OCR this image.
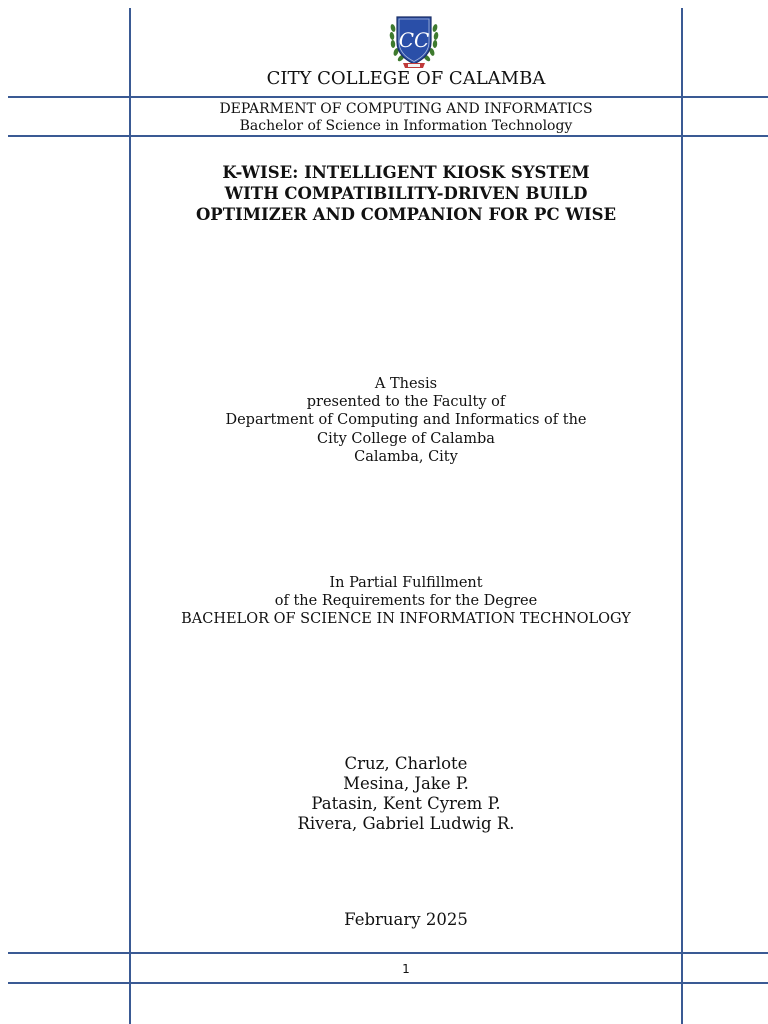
CC
CITY COLLEGE OF CALAMBA
DEPARMENT OF COMPUTING AND INFORMATICS
Bachelor of Science in Information Technology
K-WISE: INTELLIGENT KIOSK SYSTEM
WITH COMPATIBILITY-DRIVEN BUILD
OPTIMIZER AND COMPANION FOR PC WISE
A Thesis
presented to the Faculty of
Department of Computing and Informatics of the
City College of Calamba
Calamba, City
In Partial Fulfillment
of the Requirements for the Degree
BACHELOR OF SCIENCE IN INFORMATION TECHNOLOGY
Cruz, Charlote
Mesina, Jake P.
Patasin, Kent Cyrem P.
Rivera, Gabriel Ludwig R.
February 2025
1
